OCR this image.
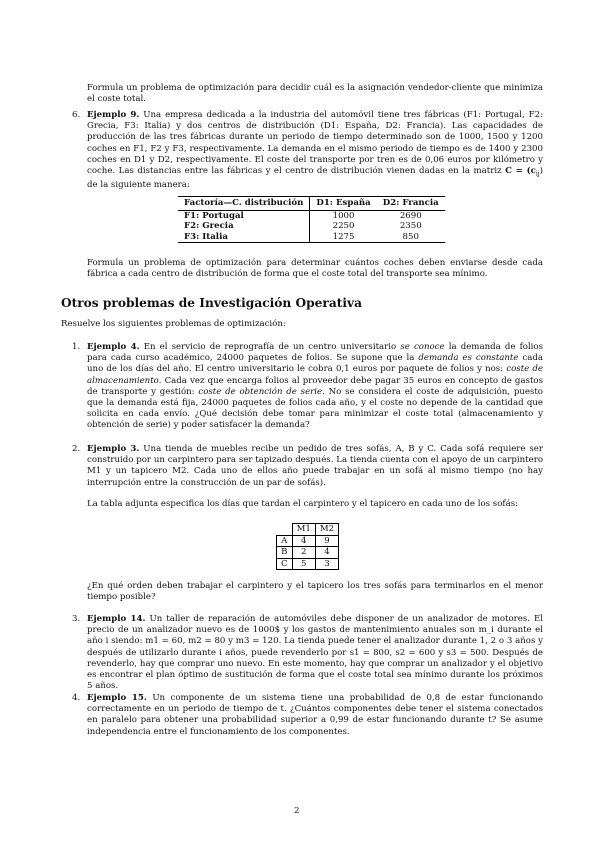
Formula un problema de optimización para decidir cuál es la asignación vendedor-cliente que minimiza el coste total.
6. Ejemplo 9. Una empresa dedicada a la industria del automóvil tiene tres fábricas (F1: Portugal, F2: Grecia, F3: Italia) y dos centros de distribución (D1: España, D2: Francia). Las capacidades de producción de las tres fábricas durante un periodo de tiempo determinado son de 1000, 1500 y 1200 coches en F1, F2 y F3, respectivamente. La demanda en el mismo periodo de tiempo es de 1400 y 2300 coches en D1 y D2, respectivamente. El coste del transporte por tren es de 0,06 euros por kilómetro y coche. Las distancias entre las fábricas y el centro de distribución vienen dadas en la matriz $C = (c_{ij})$ de la siguiente manera:
Factoría—C. distribución	D1: España	D2: Francia
F1: Portugal	1000	2690
F2: Grecia	2250	2350
F3: Italia	1275	850
Formula un problema de optimización para determinar cuántos coches deben enviarse desde cada fábrica a cada centro de distribución de forma que el coste total del transporte sea mínimo.
Otros problemas de Investigación Operativa
Resuelve los siguientes problemas de optimización:
1. Ejemplo 4. En el servicio de reprografía de un centro universitario se conoce la demanda de folios para cada curso académico, 24000 paquetes de folios. Se supone que la demanda es constante cada uno de los días del año. El centro universitario le cobra 0,1 euros por paquete de folios y nos: coste de almacenamiento. Cada vez que encarga folios al proveedor debe pagar 35 euros en concepto de gastos de transporte y gestión: coste de obtención de serie. No se considera el coste de adquisición, puesto que la demanda está fija, 24000 paquetes de folios cada año, y el coste no depende de la cantidad que solicita en cada envío. ¿Qué decisión debe tomar para minimizar el coste total (almacenamiento y obtención de serie) y poder satisfacer la demanda?
2. Ejemplo 3. Una tienda de muebles recibe un pedido de tres sofás, A, B y C. Cada sofá requiere ser construido por un carpintero para ser tapizado después. La tienda cuenta con el apoyo de un carpintero M1 y un tapicero M2. Cada uno de ellos año puede trabajar en un sofá al mismo tiempo (no hay interrupción entre la construcción de un par de sofás).
La tabla adjunta especifica los días que tardan el carpintero y el tapicero en cada uno de los sofás:
	M1	M2
A	4	9
B	2	4
C	5	3
¿En qué orden deben trabajar el carpintero y el tapicero los tres sofás para terminarlos en el menor tiempo posible?
3. Ejemplo 14. Un taller de reparación de automóviles debe disponer de un analizador de motores. El precio de un analizador nuevo es de 1000$ y los gastos de mantenimiento anuales son m_i durante el año i siendo: m1 = 60, m2 = 80 y m3 = 120. La tienda puede tener el analizador durante 1, 2 o 3 años y después de utilizarlo durante i años, puede revenderlo por s1 = 800, s2 = 600 y s3 = 500. Después de revenderlo, hay que comprar uno nuevo. En este momento, hay que comprar un analizador y el objetivo es encontrar el plan óptimo de sustitución de forma que el coste total sea mínimo durante los próximos 5 años.
4. Ejemplo 15. Un componente de un sistema tiene una probabilidad de 0,8 de estar funcionando correctamente en un periodo de tiempo de t. ¿Cuántos componentes debe tener el sistema conectados en paralelo para obtener una probabilidad superior a 0,99 de estar funcionando durante t? Se asume independencia entre el funcionamiento de los componentes.
2
